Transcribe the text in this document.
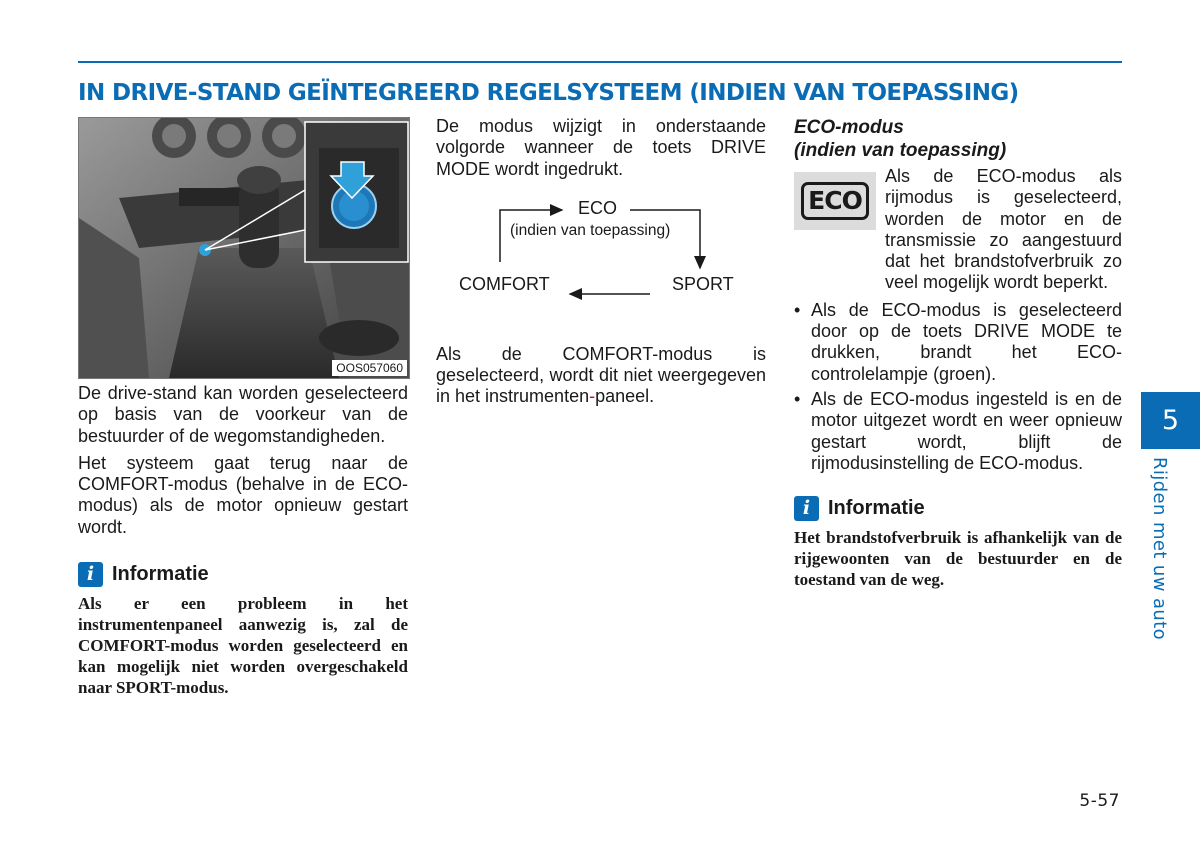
IN DRIVE-STAND GEÏNTEGREERD REGELSYSTEEM (INDIEN VAN TOEPASSING)
OOS057060

De drive-stand kan worden geselecteerd op basis van de voorkeur van de bestuurder of de wegomstandigheden.

Het systeem gaat terug naar de COMFORT-modus (behalve in de ECO-modus) als de motor opnieuw gestart wordt.

i Informatie
Als er een probleem in het instrumentenpaneel aanwezig is, zal de COMFORT-modus worden geselecteerd en kan mogelijk niet worden overgeschakeld naar SPORT-modus.

De modus wijzigt in onderstaande volgorde wanneer de toets DRIVE MODE wordt ingedrukt.

ECO
(indien van toepassing)
SPORT
COMFORT

Als de COMFORT-modus is geselecteerd, wordt dit niet weergegeven in het instrumenten-paneel.

ECO-modus
(indien van toepassing)
ECO

Als de ECO-modus als rijmodus is geselecteerd, worden de motor en de transmissie zo aangestuurd dat het brandstofverbruik zo veel mogelijk wordt beperkt.

• Als de ECO-modus is geselecteerd door op de toets DRIVE MODE te drukken, brandt het ECO-controlelampje (groen).
• Als de ECO-modus ingesteld is en de motor uitgezet wordt en weer opnieuw gestart wordt, blijft de rijmodusinstelling de ECO-modus.
i Informatie
Het brandstofverbruik is afhankelijk van de rijgewoonten van de bestuurder en de toestand van de weg.
5
Rijden met uw auto
5-57
